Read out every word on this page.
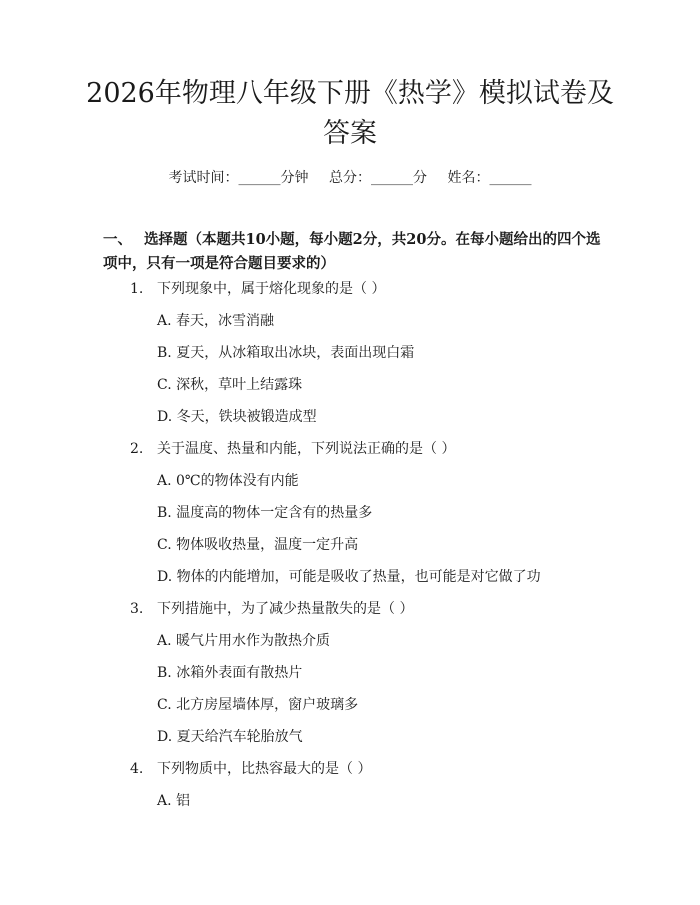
2026年物理八年级下册《热学》模拟试卷及答案
考试时间：______分钟 总分：______分 姓名：______
一、 选择题（本题共10小题，每小题2分，共20分。在每小题给出的四个选项中，只有一项是符合题目要求的）
1. 下列现象中，属于熔化现象的是（ ）
A. 春天，冰雪消融
B. 夏天，从冰箱取出冰块，表面出现白霜
C. 深秋，草叶上结露珠
D. 冬天，铁块被锻造成型
2. 关于温度、热量和内能，下列说法正确的是（ ）
A. 0℃的物体没有内能
B. 温度高的物体一定含有的热量多
C. 物体吸收热量，温度一定升高
D. 物体的内能增加，可能是吸收了热量，也可能是对它做了功
3. 下列措施中，为了减少热量散失的是（ ）
A. 暖气片用水作为散热介质
B. 冰箱外表面有散热片
C. 北方房屋墙体厚，窗户玻璃多
D. 夏天给汽车轮胎放气
4. 下列物质中，比热容最大的是（ ）
A. 铝
